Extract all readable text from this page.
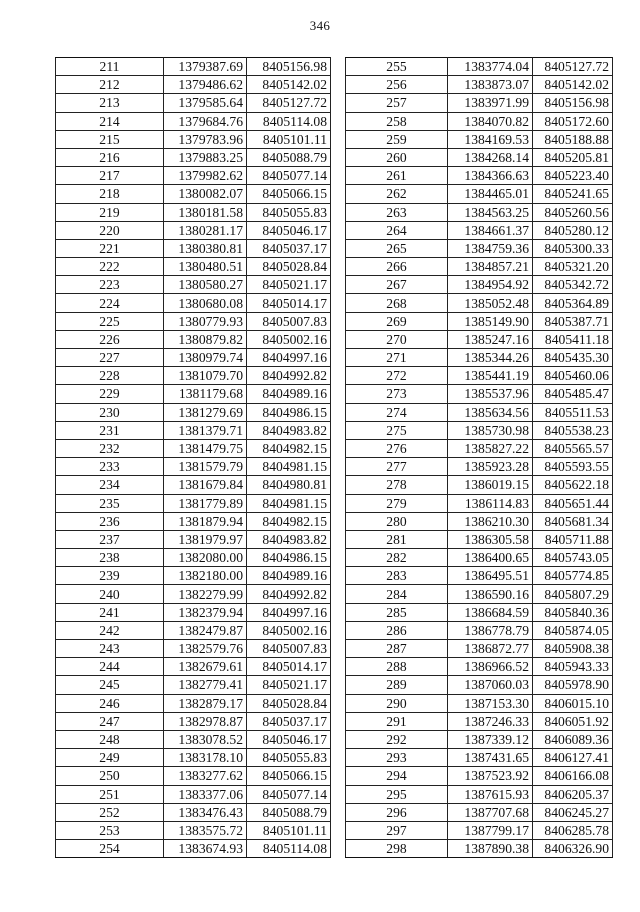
346
211	1379387.69	8405156.98
212	1379486.62	8405142.02
213	1379585.64	8405127.72
214	1379684.76	8405114.08
215	1379783.96	8405101.11
216	1379883.25	8405088.79
217	1379982.62	8405077.14
218	1380082.07	8405066.15
219	1380181.58	8405055.83
220	1380281.17	8405046.17
221	1380380.81	8405037.17
222	1380480.51	8405028.84
223	1380580.27	8405021.17
224	1380680.08	8405014.17
225	1380779.93	8405007.83
226	1380879.82	8405002.16
227	1380979.74	8404997.16
228	1381079.70	8404992.82
229	1381179.68	8404989.16
230	1381279.69	8404986.15
231	1381379.71	8404983.82
232	1381479.75	8404982.15
233	1381579.79	8404981.15
234	1381679.84	8404980.81
235	1381779.89	8404981.15
236	1381879.94	8404982.15
237	1381979.97	8404983.82
238	1382080.00	8404986.15
239	1382180.00	8404989.16
240	1382279.99	8404992.82
241	1382379.94	8404997.16
242	1382479.87	8405002.16
243	1382579.76	8405007.83
244	1382679.61	8405014.17
245	1382779.41	8405021.17
246	1382879.17	8405028.84
247	1382978.87	8405037.17
248	1383078.52	8405046.17
249	1383178.10	8405055.83
250	1383277.62	8405066.15
251	1383377.06	8405077.14
252	1383476.43	8405088.79
253	1383575.72	8405101.11
254	1383674.93	8405114.08
255	1383774.04	8405127.72
256	1383873.07	8405142.02
257	1383971.99	8405156.98
258	1384070.82	8405172.60
259	1384169.53	8405188.88
260	1384268.14	8405205.81
261	1384366.63	8405223.40
262	1384465.01	8405241.65
263	1384563.25	8405260.56
264	1384661.37	8405280.12
265	1384759.36	8405300.33
266	1384857.21	8405321.20
267	1384954.92	8405342.72
268	1385052.48	8405364.89
269	1385149.90	8405387.71
270	1385247.16	8405411.18
271	1385344.26	8405435.30
272	1385441.19	8405460.06
273	1385537.96	8405485.47
274	1385634.56	8405511.53
275	1385730.98	8405538.23
276	1385827.22	8405565.57
277	1385923.28	8405593.55
278	1386019.15	8405622.18
279	1386114.83	8405651.44
280	1386210.30	8405681.34
281	1386305.58	8405711.88
282	1386400.65	8405743.05
283	1386495.51	8405774.85
284	1386590.16	8405807.29
285	1386684.59	8405840.36
286	1386778.79	8405874.05
287	1386872.77	8405908.38
288	1386966.52	8405943.33
289	1387060.03	8405978.90
290	1387153.30	8406015.10
291	1387246.33	8406051.92
292	1387339.12	8406089.36
293	1387431.65	8406127.41
294	1387523.92	8406166.08
295	1387615.93	8406205.37
296	1387707.68	8406245.27
297	1387799.17	8406285.78
298	1387890.38	8406326.90
